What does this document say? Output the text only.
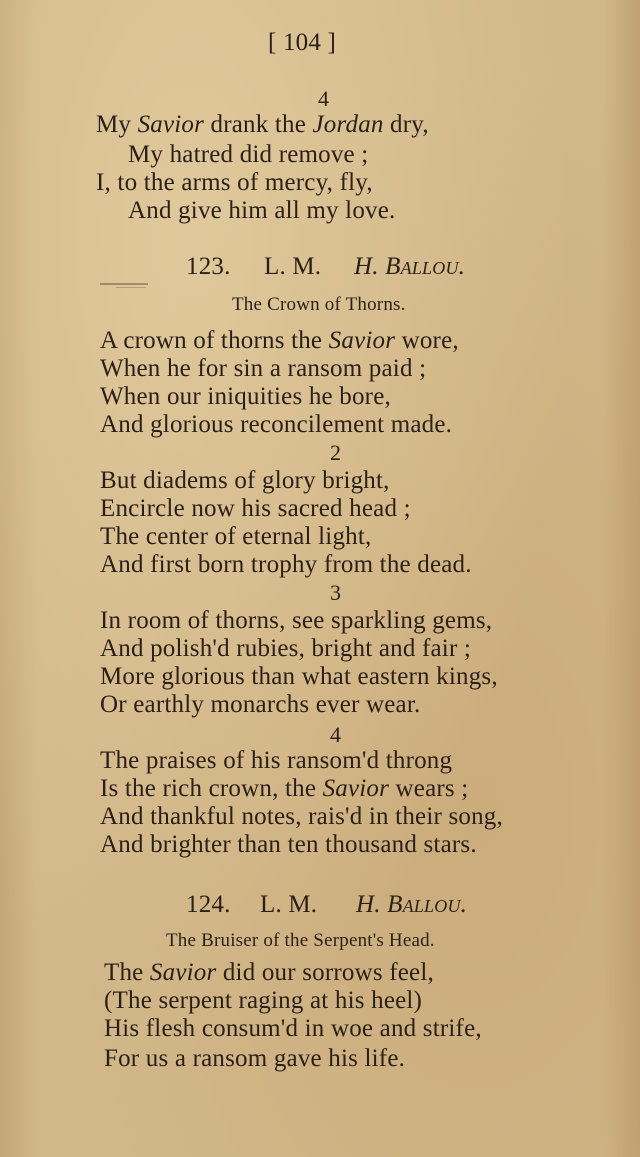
[ 104 ]
4
My Savior drank the Jordan dry,
My hatred did remove ;
I, to the arms of mercy, fly,
And give him all my love.
123. L. M. H. Ballou.
The Crown of Thorns.
A crown of thorns the Savior wore,
When he for sin a ransom paid ;
When our iniquities he bore,
And glorious reconcilement made.
2
But diadems of glory bright,
Encircle now his sacred head ;
The center of eternal light,
And first born trophy from the dead.
3
In room of thorns, see sparkling gems,
And polish'd rubies, bright and fair ;
More glorious than what eastern kings,
Or earthly monarchs ever wear.
4
The praises of his ransom'd throng
Is the rich crown, the Savior wears ;
And thankful notes, rais'd in their song,
And brighter than ten thousand stars.
124. L. M. H. Ballou.
The Bruiser of the Serpent's Head.
The Savior did our sorrows feel,
(The serpent raging at his heel)
His flesh consum'd in woe and strife,
For us a ransom gave his life.
